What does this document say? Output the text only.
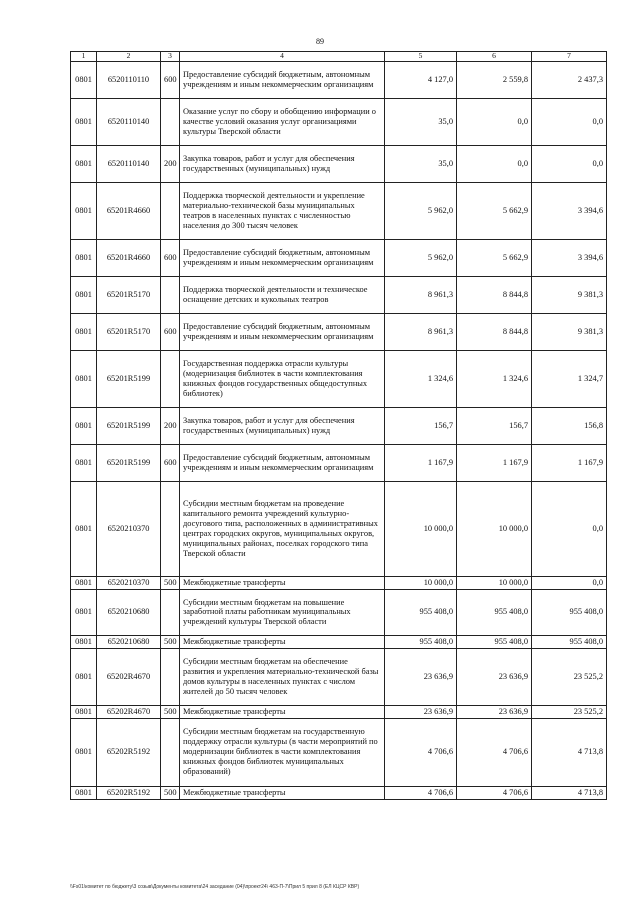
89
1	2	3	4	5	6	7
0801	6520110110	600	Предоставление субсидий бюджетным, автономным учреждениям и иным некоммерческим организациям	4 127,0	2 559,8	2 437,3
0801	6520110140		Оказание услуг по сбору и обобщению информации о качестве условий оказания услуг организациями культуры Тверской области	35,0	0,0	0,0
0801	6520110140	200	Закупка товаров, работ и услуг для обеспечения государственных (муниципальных) нужд	35,0	0,0	0,0
0801	65201R4660		Поддержка творческой деятельности и укрепление материально-технической базы муниципальных театров в населенных пунктах с численностью населения до 300 тысяч человек	5 962,0	5 662,9	3 394,6
0801	65201R4660	600	Предоставление субсидий бюджетным, автономным учреждениям и иным некоммерческим организациям	5 962,0	5 662,9	3 394,6
0801	65201R5170		Поддержка творческой деятельности и техническое оснащение детских и кукольных театров	8 961,3	8 844,8	9 381,3
0801	65201R5170	600	Предоставление субсидий бюджетным, автономным учреждениям и иным некоммерческим организациям	8 961,3	8 844,8	9 381,3
0801	65201R5199		Государственная поддержка отрасли культуры (модернизация библиотек в части комплектования книжных фондов государственных общедоступных библиотек)	1 324,6	1 324,6	1 324,7
0801	65201R5199	200	Закупка товаров, работ и услуг для обеспечения государственных (муниципальных) нужд	156,7	156,7	156,8
0801	65201R5199	600	Предоставление субсидий бюджетным, автономным учреждениям и иным некоммерческим организациям	1 167,9	1 167,9	1 167,9
0801	6520210370		Субсидии местным бюджетам на проведение капитального ремонта учреждений культурно-досугового типа, расположенных в административных центрах городских округов, муниципальных округов, муниципальных районах, поселках городского типа Тверской области	10 000,0	10 000,0	0,0
0801	6520210370	500	Межбюджетные трансферты	10 000,0	10 000,0	0,0
0801	6520210680		Субсидии местным бюджетам на повышение заработной платы работникам муниципальных учреждений культуры Тверской области	955 408,0	955 408,0	955 408,0
0801	6520210680	500	Межбюджетные трансферты	955 408,0	955 408,0	955 408,0
0801	65202R4670		Субсидии местным бюджетам на обеспечение развития и укрепления материально-технической базы домов культуры в населенных пунктах с числом жителей до 50 тысяч человек	23 636,9	23 636,9	23 525,2
0801	65202R4670	500	Межбюджетные трансферты	23 636,9	23 636,9	23 525,2
0801	65202R5192		Субсидии местным бюджетам на государственную поддержку отрасли культуры (в части мероприятий по модернизации библиотек в части комплектования книжных фондов библиотек муниципальных образований)	4 706,6	4 706,6	4 713,8
0801	65202R5192	500	Межбюджетные трансферты	4 706,6	4 706,6	4 713,8
\\Fs01\комитет по бюджету\3 созыв\Документы комитета\24 заседание (04)\проект24\ 463-П-7\Прил 5 прил 8 (ЕЛ КЦСР КВР)
